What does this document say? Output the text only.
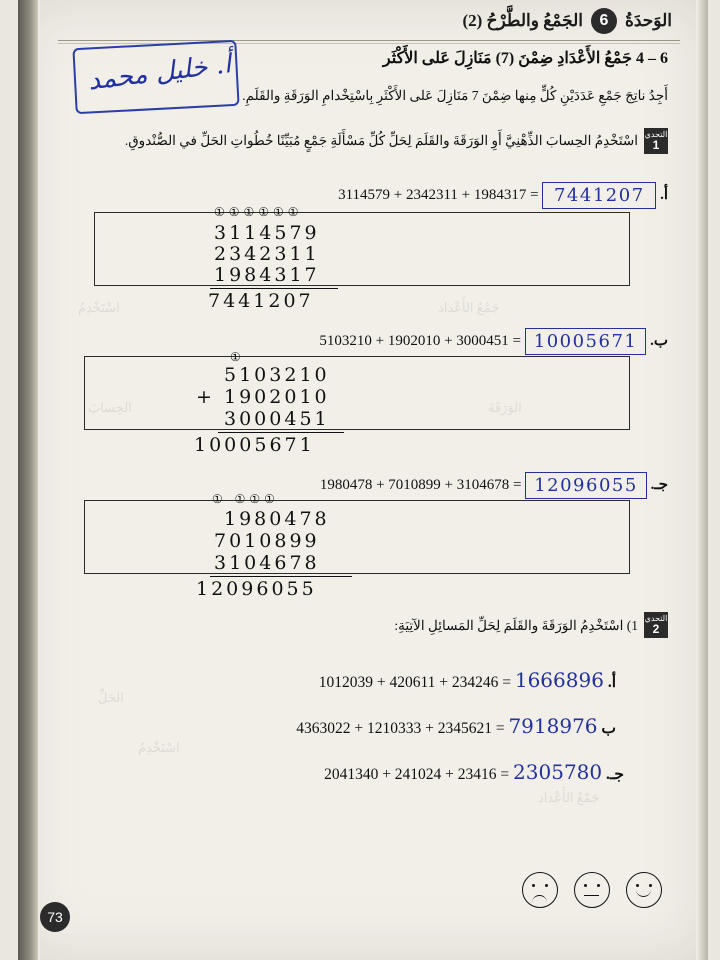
اسْتَخْدِمُ	جَمْعُ الأَعْداد
الحِسابَ	الوَرَقَةَ
الحَلِّ
اسْتَخْدِمُ
جَمْعُ الأَعْداد
الوَحدَةُ
6
الجَمْعُ والطَّرْحُ (2)
6 – 4 جَمْعُ الأَعْدَادِ ضِمْنَ (7) مَنَازِلَ عَلى الأَكْثَر
أَجِدُ ناتِجَ جَمْعِ عَدَدَيْنِ كُلٍّ مِنها ضِمْنَ 7 مَنَازِلَ عَلى الأَكْثَرِ بِاسْتِخْدامِ الوَرَقَةِ والقَلَمِ.
أ. خليل محمد
التحدي
1
اسْتَخْدِمُ الحِسابَ الذِّهْنِيَّ أَوِ الوَرَقَةَ والقَلَمَ لِحَلِّ كُلِّ مَسْأَلَةِ جَمْعٍ مُبَيِّنًا خُطُواتِ الحَلِّ في الصُّنْدوقِ.
أ. 7441207 3114579 + 2342311 + 1984317 =
①①①①①①
3114579
2342311
1984317
7441207
ب. 10005671 5103210 + 1902010 + 3000451 =
①
5103210
+ 1902010
3000451
10005671
جـ. 12096055 1980478 + 7010899 + 3104678 =
① ①①①
1980478
7010899
3104678
12096055
التحدي
2
1) اسْتَخْدِمُ الوَرَقَةَ والقَلَمَ لِحَلِّ المَسائِلِ الآتِيَةِ:
أ. 1666896 1012039 + 420611 + 234246 =
ب 7918976 4363022 + 1210333 + 2345621 =
جـ. 2305780 2041340 + 241024 + 23416 =
73
